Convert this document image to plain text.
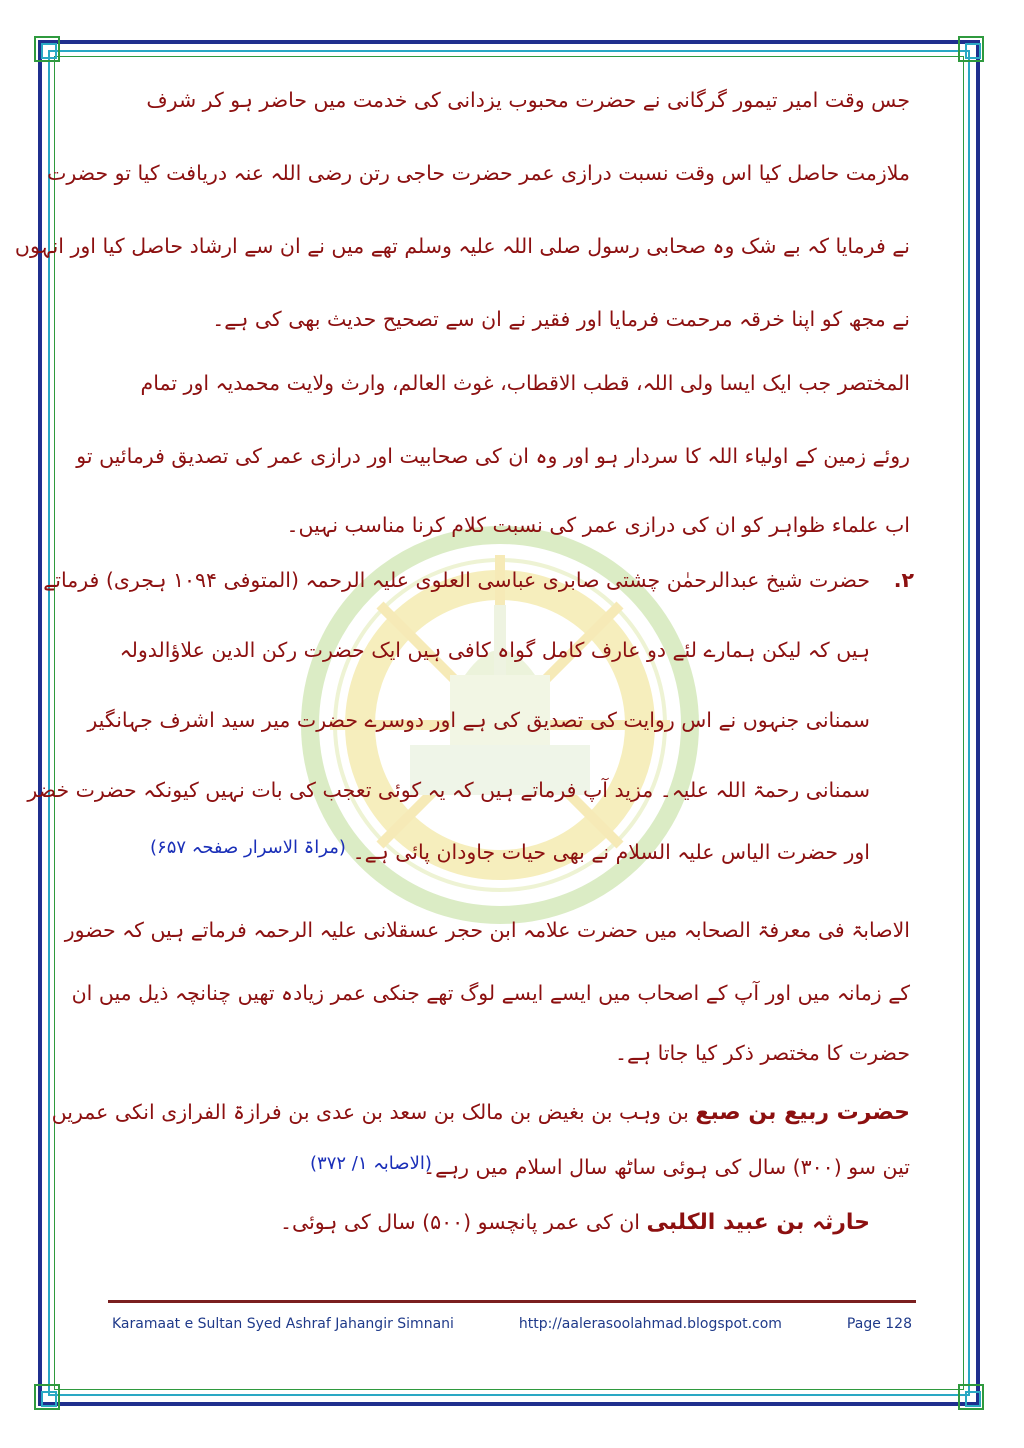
جس وقت امیر تیمور گرگانی نے حضرت محبوب یزدانی کی خدمت میں حاضر ہو کر شرف
ملازمت حاصل کیا اس وقت نسبت درازی عمر حضرت حاجی رتن رضی اللہ عنہ دریافت کیا تو حضرت
نے فرمایا کہ بے شک وہ صحابی رسول صلی اللہ علیہ وسلم تھے میں نے ان سے ارشاد حاصل کیا اور انہوں
نے مجھ کو اپنا خرقہ مرحمت فرمایا اور فقیر نے ان سے تصحیح حدیث بھی کی ہے۔
المختصر جب ایک ایسا ولی اللہ، قطب الاقطاب، غوث العالم، وارث ولایت محمدیہ اور تمام
روئے زمین کے اولیاء اللہ کا سردار ہو اور وہ ان کی صحابیت اور درازی عمر کی تصدیق فرمائیں تو
اب علماء ظواہر کو ان کی درازی عمر کی نسبت کلام کرنا مناسب نہیں۔
۲.
حضرت شیخ عبدالرحمٰن چشتی صابری عباسی العلوی علیہ الرحمہ (المتوفی ۱۰۹۴ ہجری) فرماتے
ہیں کہ لیکن ہمارے لئے دو عارف کامل گواہ کافی ہیں ایک حضرت رکن الدین علاؤالدولہ
سمنانی جنہوں نے اس روایت کی تصدیق کی ہے اور دوسرے حضرت میر سید اشرف جہانگیر
سمنانی رحمۃ اللہ علیہ۔ مزید آپ فرماتے ہیں کہ یہ کوئی تعجب کی بات نہیں کیونکہ حضرت خضر
اور حضرت الیاس علیہ السلام نے بھی حیات جاودان پائی ہے۔
(مراۃ الاسرار صفحہ ۶۵۷)
الاصابۃ فی معرفۃ الصحابہ میں حضرت علامہ ابن حجر عسقلانی علیہ الرحمہ فرماتے ہیں کہ حضور
کے زمانہ میں اور آپ کے اصحاب میں ایسے ایسے لوگ تھے جنکی عمر زیادہ تھیں چنانچہ ذیل میں ان
حضرت کا مختصر ذکر کیا جاتا ہے۔
حضرت ربیع بن صبع بن وہب بن بغیض بن مالک بن سعد بن عدی بن فرازۃ الفرازی انکی عمریں
تین سو (۳۰۰) سال کی ہوئی ساٹھ سال اسلام میں رہے۔
(الاصابہ ۱/ ۳۷۲)
حارثہ بن عبید الکلبی ان کی عمر پانچسو (۵۰۰) سال کی ہوئی۔
Karamaat e Sultan Syed Ashraf Jahangir Simnani	http://aalerasoolahmad.blogspot.com	Page 128
